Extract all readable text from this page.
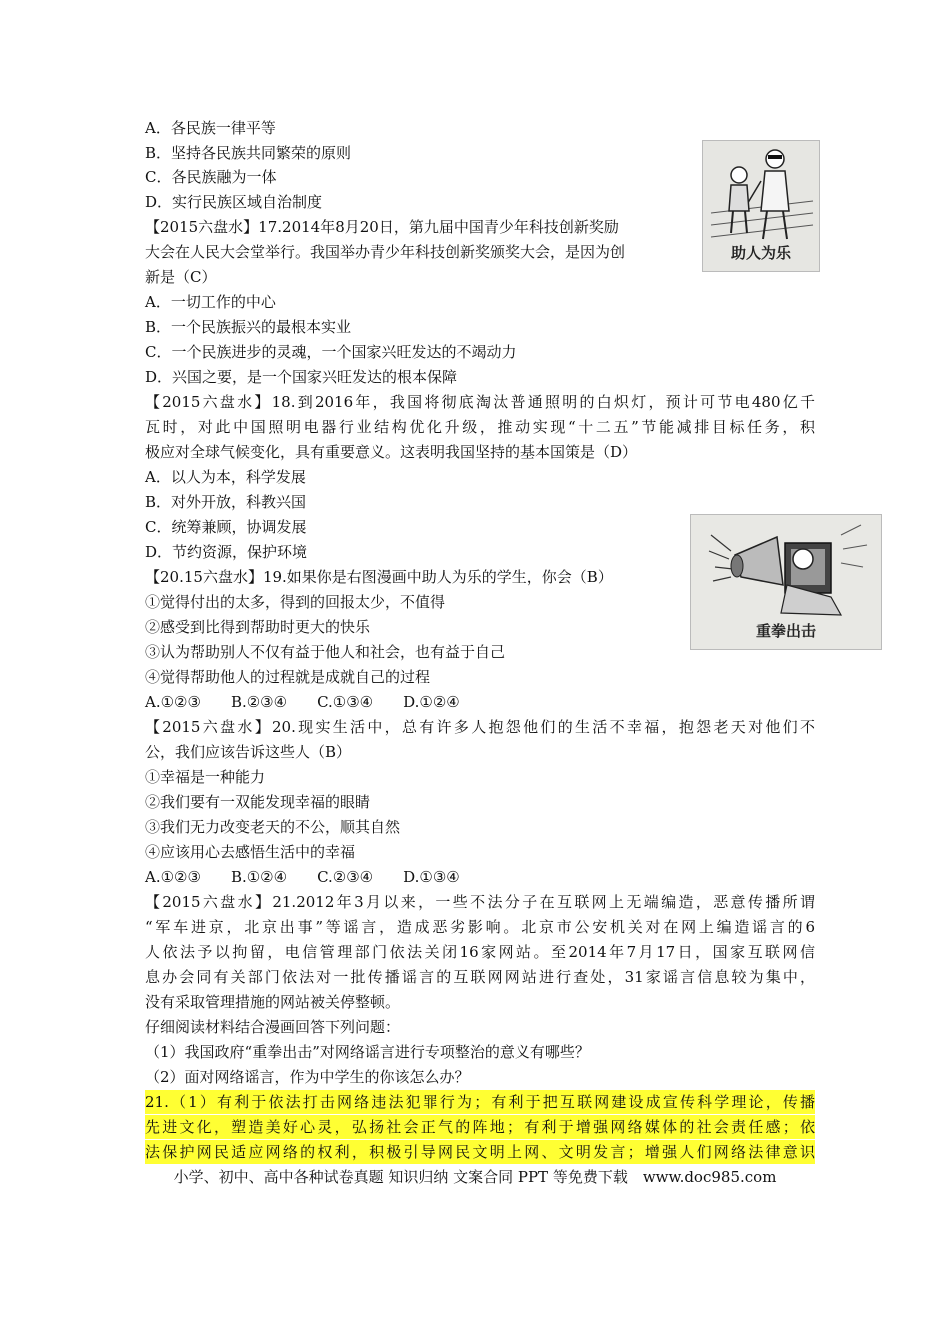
A．各民族一律平等
B．坚持各民族共同繁荣的原则
C．各民族融为一体
D．实行民族区域自治制度
【2015六盘水】17.2014年8月20日，第九届中国青少年科技创新奖励
大会在人民大会堂举行。我国举办青少年科技创新奖颁奖大会，是因为创
新是（C）
A．一切工作的中心
B．一个民族振兴的最根本实业
C．一个民族进步的灵魂，一个国家兴旺发达的不竭动力
D．兴国之要，是一个国家兴旺发达的根本保障
【2015六盘水】18.到2016年，我国将彻底淘汰普通照明的白炽灯，预计可节电480亿千
瓦时，对此中国照明电器行业结构优化升级，推动实现“十二五”节能减排目标任务，积
极应对全球气候变化，具有重要意义。这表明我国坚持的基本国策是（D）
A．以人为本，科学发展
B．对外开放，科教兴国
C．统筹兼顾，协调发展
D．节约资源，保护环境
【20.15六盘水】19.如果你是右图漫画中助人为乐的学生，你会（B）
①觉得付出的太多，得到的回报太少，不值得
②感受到比得到帮助时更大的快乐
③认为帮助别人不仅有益于他人和社会，也有益于自己
④觉得帮助他人的过程就是成就自己的过程
A.①②③　　B.②③④　　C.①③④　　D.①②④
【2015六盘水】20.现实生活中，总有许多人抱怨他们的生活不幸福，抱怨老天对他们不
公，我们应该告诉这些人（B）
①幸福是一种能力
②我们要有一双能发现幸福的眼睛
③我们无力改变老天的不公，顺其自然
④应该用心去感悟生活中的幸福
A.①②③　　B.①②④　　C.②③④　　D.①③④
【2015六盘水】21.2012年3月以来，一些不法分子在互联网上无端编造，恶意传播所谓
“军车进京，北京出事”等谣言，造成恶劣影响。北京市公安机关对在网上编造谣言的6
人依法予以拘留，电信管理部门依法关闭16家网站。至2014年7月17日，国家互联网信
息办会同有关部门依法对一批传播谣言的互联网网站进行查处，31家谣言信息较为集中，
没有采取管理措施的网站被关停整顿。
仔细阅读材料结合漫画回答下列问题：
（1）我国政府“重拳出击”对网络谣言进行专项整治的意义有哪些？
（2）面对网络谣言，作为中学生的你该怎么办？
21.（1）有利于依法打击网络违法犯罪行为；有利于把互联网建设成宣传科学理论，传播
先进文化，塑造美好心灵，弘扬社会正气的阵地；有利于增强网络媒体的社会责任感；依
法保护网民适应网络的权利，积极引导网民文明上网、文明发言；增强人们网络法律意识
助人为乐
重拳出击
小学、初中、高中各种试卷真题 知识归纳 文案合同 PPT 等免费下载　www.doc985.com
